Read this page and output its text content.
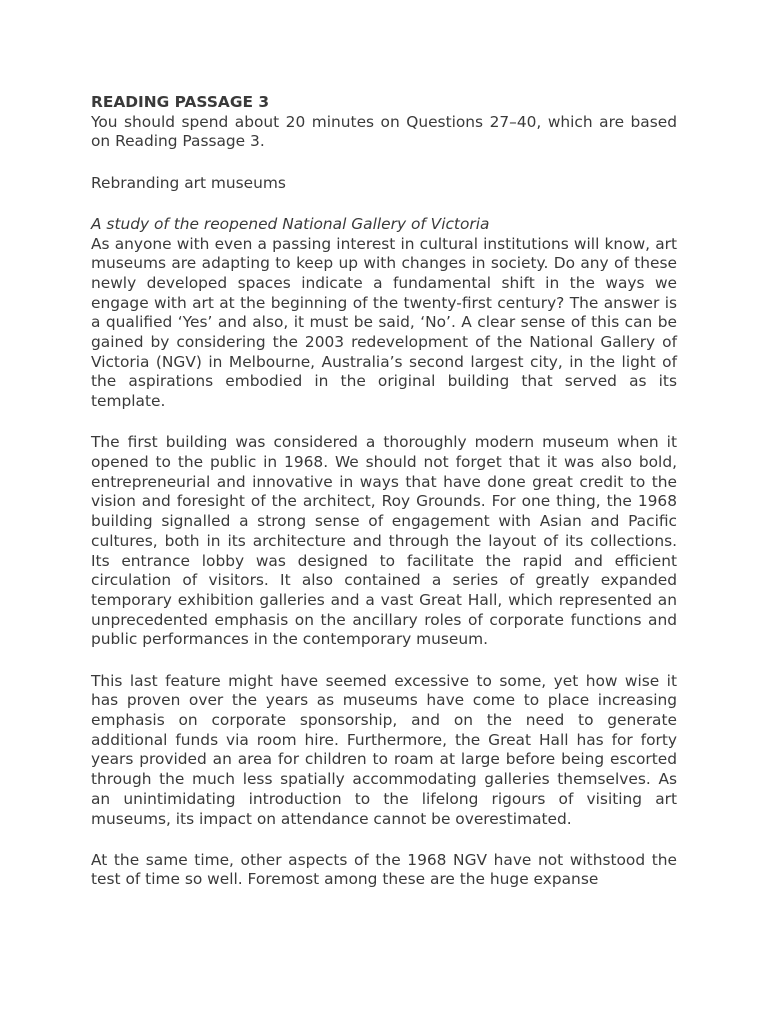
READING PASSAGE 3

You should spend about 20 minutes on Questions 27–40, which are based on Reading Passage 3.

Rebranding art museums

A study of the reopened National Gallery of Victoria

As anyone with even a passing interest in cultural institutions will know, art museums are adapting to keep up with changes in society. Do any of these newly developed spaces indicate a fundamental shift in the ways we engage with art at the beginning of the twenty-first century? The answer is a qualified ‘Yes’ and also, it must be said, ‘No’. A clear sense of this can be gained by considering the 2003 redevelopment of the National Gallery of Victoria (NGV) in Melbourne, Australia’s second largest city, in the light of the aspirations embodied in the original building that served as its template.

The first building was considered a thoroughly modern museum when it opened to the public in 1968. We should not forget that it was also bold, entrepreneurial and innovative in ways that have done great credit to the vision and foresight of the architect, Roy Grounds. For one thing, the 1968 building signalled a strong sense of engagement with Asian and Pacific cultures, both in its architecture and through the layout of its collections. Its entrance lobby was designed to facilitate the rapid and efficient circulation of visitors. It also contained a series of greatly expanded temporary exhibition galleries and a vast Great Hall, which represented an unprecedented emphasis on the ancillary roles of corporate functions and public performances in the contemporary museum.

This last feature might have seemed excessive to some, yet how wise it has proven over the years as museums have come to place increasing emphasis on corporate sponsorship, and on the need to generate additional funds via room hire. Furthermore, the Great Hall has for forty years provided an area for children to roam at large before being escorted through the much less spatially accommodating galleries themselves. As an unintimidating introduction to the lifelong rigours of visiting art museums, its impact on attendance cannot be overestimated.

At the same time, other aspects of the 1968 NGV have not withstood the test of time so well. Foremost among these are the huge expanse
